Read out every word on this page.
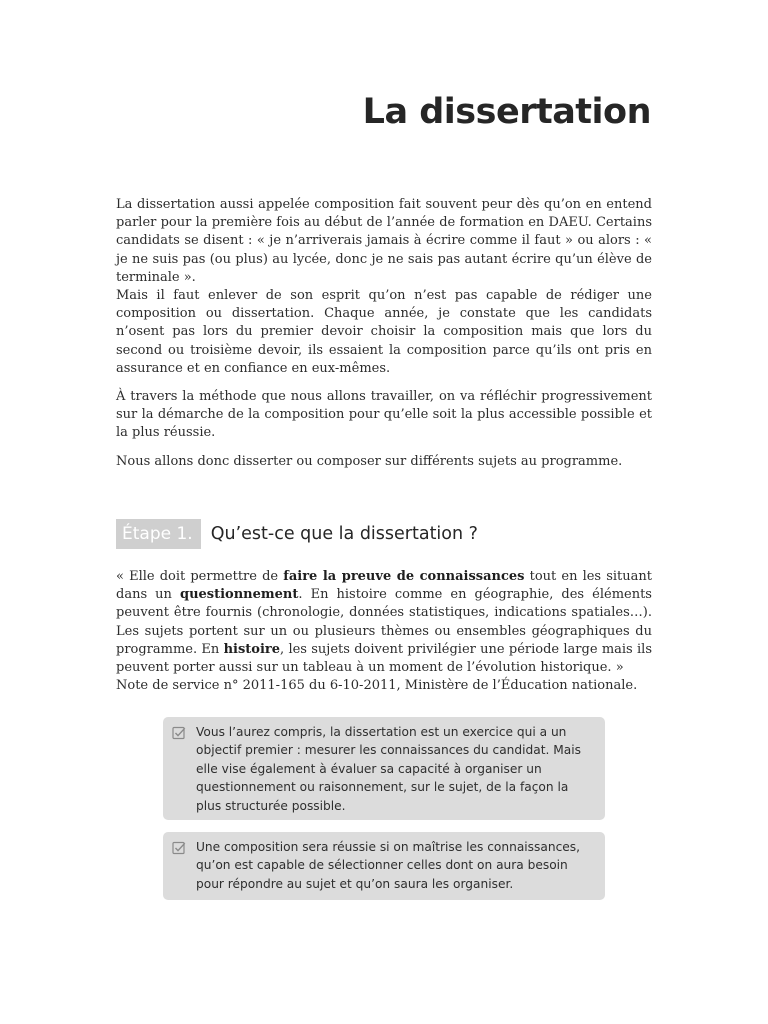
La dissertation

La dissertation aussi appelée composition fait souvent peur dès qu’on en entend parler pour la première fois au début de l’année de formation en DAEU. Certains candidats se disent : « je n’arriverais jamais à écrire comme il faut » ou alors : « je ne suis pas (ou plus) au lycée, donc je ne sais pas autant écrire qu’un élève de terminale ».

Mais il faut enlever de son esprit qu’on n’est pas capable de rédiger une composition ou dissertation. Chaque année, je constate que les candidats n’osent pas lors du premier devoir choisir la composition mais que lors du second ou troisième devoir, ils essaient la composition parce qu’ils ont pris en assurance et en confiance en eux-mêmes.

À travers la méthode que nous allons travailler, on va réfléchir progressivement sur la démarche de la composition pour qu’elle soit la plus accessible possible et la plus réussie.

Nous allons donc disserter ou composer sur différents sujets au programme.

Étape 1.	Qu’est-ce que la dissertation ?

« Elle doit permettre de faire la preuve de connaissances tout en les situant dans un questionnement. En histoire comme en géographie, des éléments peuvent être fournis (chronologie, données statistiques, indications spatiales…). Les sujets portent sur un ou plusieurs thèmes ou ensembles géographiques du programme. En histoire, les sujets doivent privilégier une période large mais ils peuvent porter aussi sur un tableau à un moment de l’évolution historique. »

Note de service n° 2011-165 du 6-10-2011, Ministère de l’Éducation nationale.

Vous l’aurez compris, la dissertation est un exercice qui a un objectif premier : mesurer les connaissances du candidat. Mais elle vise également à évaluer sa capacité à organiser un questionnement ou raisonnement, sur le sujet, de la façon la plus structurée possible.
Une composition sera réussie si on maîtrise les connaissances, qu’on est capable de sélectionner celles dont on aura besoin pour répondre au sujet et qu’on saura les organiser.
